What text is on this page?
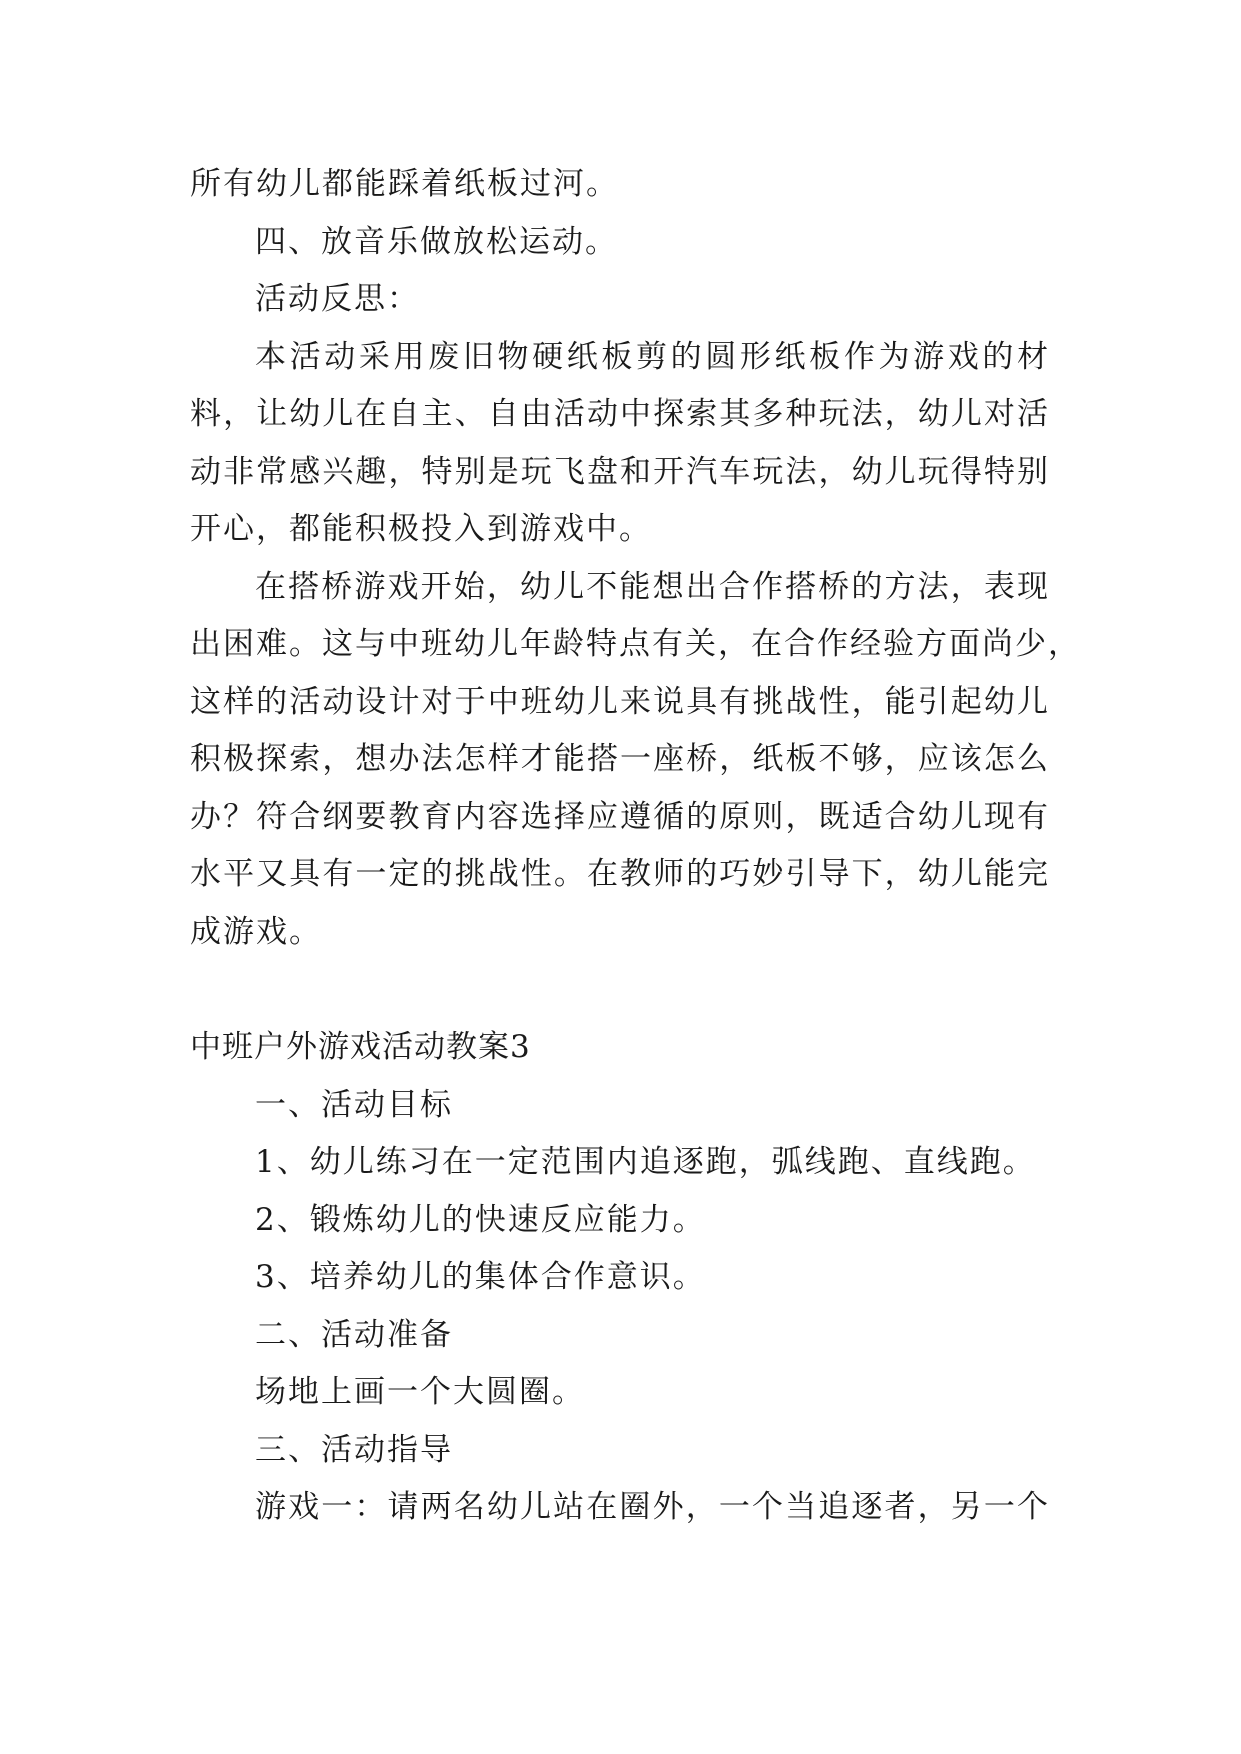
所有幼儿都能踩着纸板过河。
四、放音乐做放松运动。
活动反思：
本活动采用废旧物硬纸板剪的圆形纸板作为游戏的材
料，让幼儿在自主、自由活动中探索其多种玩法，幼儿对活
动非常感兴趣，特别是玩飞盘和开汽车玩法，幼儿玩得特别
开心，都能积极投入到游戏中。
在搭桥游戏开始，幼儿不能想出合作搭桥的方法，表现
出困难。这与中班幼儿年龄特点有关，在合作经验方面尚少，
这样的活动设计对于中班幼儿来说具有挑战性，能引起幼儿
积极探索，想办法怎样才能搭一座桥，纸板不够，应该怎么
办？符合纲要教育内容选择应遵循的原则，既适合幼儿现有
水平又具有一定的挑战性。在教师的巧妙引导下，幼儿能完
成游戏。
中班户外游戏活动教案3
一、活动目标
1、幼儿练习在一定范围内追逐跑，弧线跑、直线跑。
2、锻炼幼儿的快速反应能力。
3、培养幼儿的集体合作意识。
二、活动准备
场地上画一个大圆圈。
三、活动指导
游戏一：请两名幼儿站在圈外，一个当追逐者，另一个
